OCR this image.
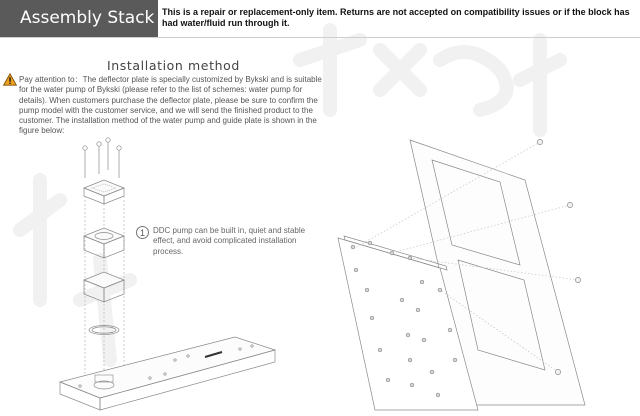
Assembly Stack This is a repair or replacement-only item. Returns are not accepted on compatibility issues or if the block has had water/fluid run through it.
Installation method
Pay attention to：The deflector plate is specially customized by Bykski and is suitable for the water pump of Bykski (please refer to the list of schemes: water pump for details). When customers purchase the deflector plate, please be sure to confirm the pump model with the customer service, and we will send the finished product to the customer. The installation method of the water pump and guide plate is shown in the figure below:
1	DDC pump can be built in, quiet and stable effect, and avoid complicated installation process.
